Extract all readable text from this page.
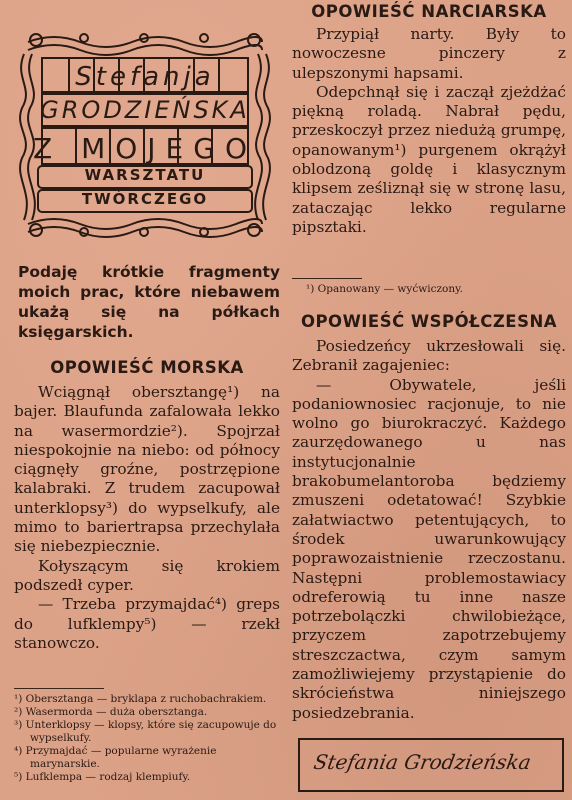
Stefanja
GRODZIEŃSKA
Z MOJEGO
WARSZTATU
TWÓRCZEGO
Podaję krótkie fragmenty moich prac, które niebawem ukażą się na półkach księgarskich.
OPOWIEŚĆ MORSKA

Wciągnął obersztangę¹) na bajer. Blaufunda zafalowała lekko na wasermordzie²). Spojrzał niespokojnie na niebo: od północy ciągnęły groźne, postrzępione kalabraki. Z trudem zacupował unterklopsy³) do wypselkufy, ale mimo to bariertrapsa przechylała się niebezpiecznie.

Kołyszącym się krokiem podszedł cyper.

— Trzeba przymajdać⁴) greps do lufklempy⁵) — rzekł stanowczo.

¹) Obersztanga — bryklapa z ruchobachrakiem.
²) Wasermorda — duża obersztanga.
³) Unterklopsy — klopsy, które się zacupowuje do wypselkufy.
⁴) Przymajdać — popularne wyrażenie marynarskie.
⁵) Lufklempa — rodzaj klempiufy.
OPOWIEŚĆ NARCIARSKA

Przypiął narty. Były to nowoczesne pinczery z ulepszonymi hapsami.

Odepchnął się i zaczął zjeżdżać piękną roladą. Nabrał pędu, przeskoczył przez niedużą grumpę, opanowanym¹) purgenem okrążył oblodzoną goldę i klasycznym klipsem ześliznął się w stronę lasu, zataczając lekko regularne pipsztaki.

¹) Opanowany — wyćwiczony.
OPOWIEŚĆ WSPÓŁCZESNA

Posiedzeńcy ukrzesłowali się. Zebranił zagajeniec:

— Obywatele, jeśli podaniownosiec racjonuje, to nie wolno go biurokraczyć. Każdego zaurzędowanego u nas instytucjonalnie brakobumelantoroba będziemy zmuszeni odetatować! Szybkie załatwiactwo petentujących, to środek uwarunkowujący poprawozaistnienie rzeczostanu. Następni problemostawiacy odreferowią tu inne nasze potrzebolączki chwilobieżące, przyczem zapotrzebujemy streszczactwa, czym samym zamożliwiejemy przystąpienie do skróciеństwa niniejszego posiedzebrania.

Stefania Grodzieńska
